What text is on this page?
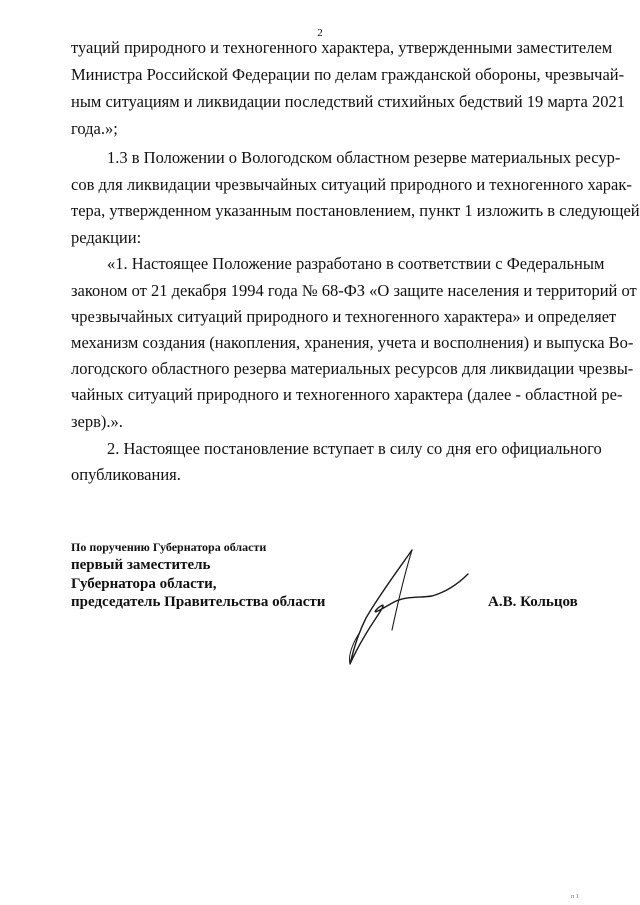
2
туаций природного и техногенного характера, утвержденными заместителем
Министра Российской Федерации по делам гражданской обороны, чрезвычай-
ным ситуациям и ликвидации последствий стихийных бедствий 19 марта 2021
года.»;
1.3 в Положении о Вологодском областном резерве материальных ресур-
сов для ликвидации чрезвычайных ситуаций природного и техногенного харак-
тера, утвержденном указанным постановлением, пункт 1 изложить в следующей
редакции:
«1. Настоящее Положение разработано в соответствии с Федеральным
законом от 21 декабря 1994 года № 68-ФЗ «О защите населения и территорий от
чрезвычайных ситуаций природного и техногенного характера» и определяет
механизм создания (накопления, хранения, учета и восполнения) и выпуска Во-
логодского областного резерва материальных ресурсов для ликвидации чрезвы-
чайных ситуаций природного и техногенного характера (далее - областной ре-
зерв).».
2. Настоящее постановление вступает в силу со дня его официального
опубликования.
По поручению Губернатора области
первый заместитель
Губернатора области,
председатель Правительства области	А.В. Кольцов
п 1
